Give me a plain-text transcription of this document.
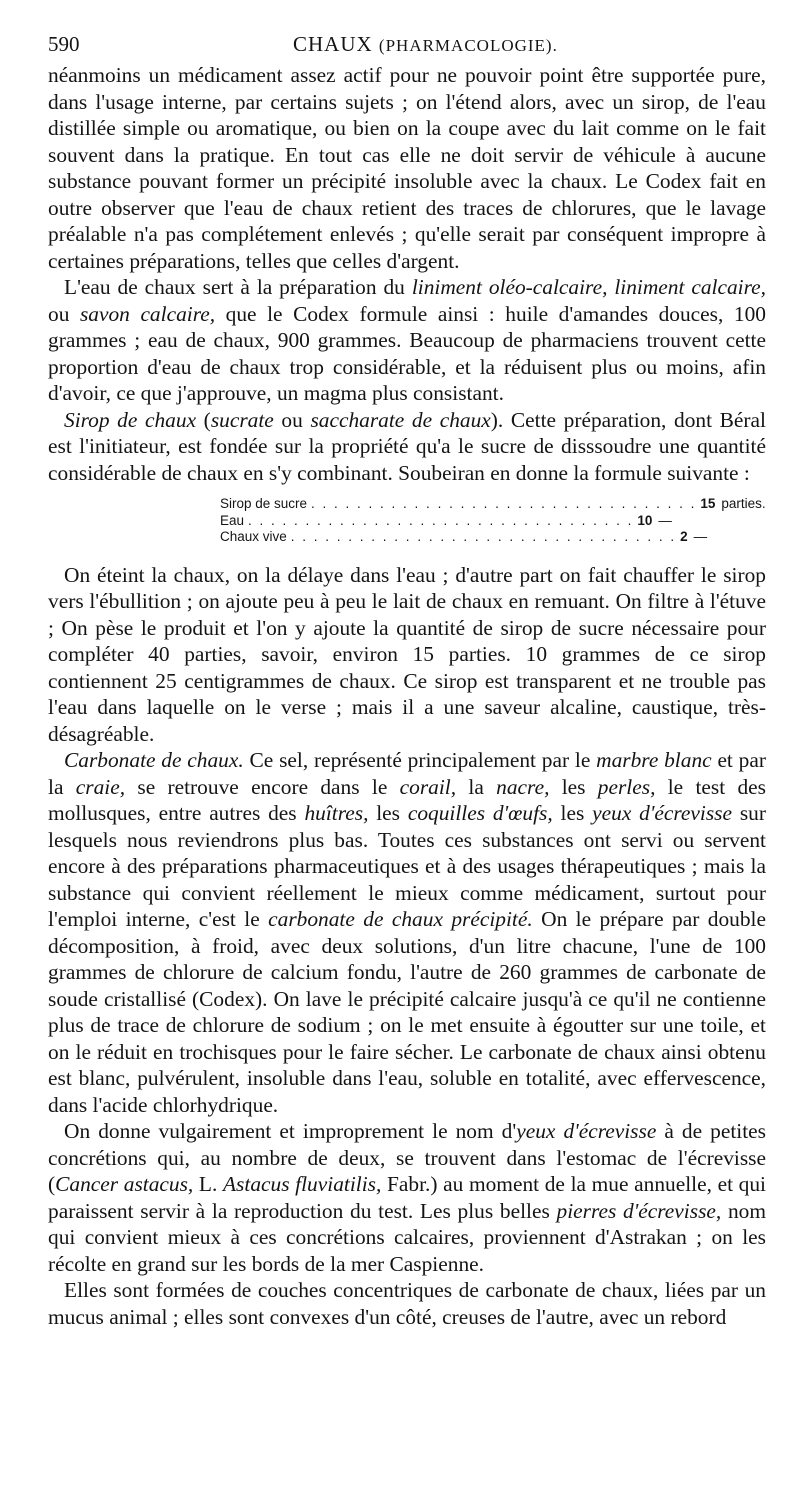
590	CHAUX (PHARMACOLOGIE).

néanmoins un médicament assez actif pour ne pouvoir point être supportée pure, dans l'usage interne, par certains sujets ; on l'étend alors, avec un sirop, de l'eau distillée simple ou aromatique, ou bien on la coupe avec du lait comme on le fait souvent dans la pratique. En tout cas elle ne doit servir de véhicule à aucune substance pouvant former un précipité insoluble avec la chaux. Le Codex fait en outre observer que l'eau de chaux retient des traces de chlorures, que le lavage préalable n'a pas complétement enlevés ; qu'elle serait par conséquent impropre à certaines préparations, telles que celles d'argent.

L'eau de chaux sert à la préparation du liniment oléo-calcaire, liniment calcaire, ou savon calcaire, que le Codex formule ainsi : huile d'amandes douces, 100 grammes ; eau de chaux, 900 grammes. Beaucoup de pharmaciens trouvent cette proportion d'eau de chaux trop considérable, et la réduisent plus ou moins, afin d'avoir, ce que j'approuve, un magma plus consistant.

Sirop de chaux (sucrate ou saccharate de chaux). Cette préparation, dont Béral est l'initiateur, est fondée sur la propriété qu'a le sucre de disssoudre une quantité considérable de chaux en s'y combinant. Soubeiran en donne la formule suivante :

Sirop de sucre . . . . . . . . . . . . . . . . . . . . . . . . . . . . . . . . . . 15 parties.
Eau . . . . . . . . . . . . . . . . . . . . . . . . . . . . . . . . . . 10 —
Chaux vive . . . . . . . . . . . . . . . . . . . . . . . . . . . . . . . . . . 2 —

On éteint la chaux, on la délaye dans l'eau ; d'autre part on fait chauffer le sirop vers l'ébullition ; on ajoute peu à peu le lait de chaux en remuant. On filtre à l'étuve ; On pèse le produit et l'on y ajoute la quantité de sirop de sucre nécessaire pour compléter 40 parties, savoir, environ 15 parties. 10 grammes de ce sirop contiennent 25 centigrammes de chaux. Ce sirop est transparent et ne trouble pas l'eau dans laquelle on le verse ; mais il a une saveur alcaline, caustique, très-désagréable.

Carbonate de chaux. Ce sel, représenté principalement par le marbre blanc et par la craie, se retrouve encore dans le corail, la nacre, les perles, le test des mollusques, entre autres des huîtres, les coquilles d'œufs, les yeux d'écrevisse sur lesquels nous reviendrons plus bas. Toutes ces substances ont servi ou servent encore à des préparations pharmaceutiques et à des usages thérapeutiques ; mais la substance qui convient réellement le mieux comme médicament, surtout pour l'emploi interne, c'est le carbonate de chaux précipité. On le prépare par double décomposition, à froid, avec deux solutions, d'un litre chacune, l'une de 100 grammes de chlorure de calcium fondu, l'autre de 260 grammes de carbonate de soude cristallisé (Codex). On lave le précipité calcaire jusqu'à ce qu'il ne contienne plus de trace de chlorure de sodium ; on le met ensuite à égoutter sur une toile, et on le réduit en trochisques pour le faire sécher. Le carbonate de chaux ainsi obtenu est blanc, pulvérulent, insoluble dans l'eau, soluble en totalité, avec effervescence, dans l'acide chlorhydrique.

On donne vulgairement et improprement le nom d'yeux d'écrevisse à de petites concrétions qui, au nombre de deux, se trouvent dans l'estomac de l'écrevisse (Cancer astacus, L. Astacus fluviatilis, Fabr.) au moment de la mue annuelle, et qui paraissent servir à la reproduction du test. Les plus belles pierres d'écrevisse, nom qui convient mieux à ces concrétions calcaires, proviennent d'Astrakan ; on les récolte en grand sur les bords de la mer Caspienne.

Elles sont formées de couches concentriques de carbonate de chaux, liées par un mucus animal ; elles sont convexes d'un côté, creuses de l'autre, avec un rebord
